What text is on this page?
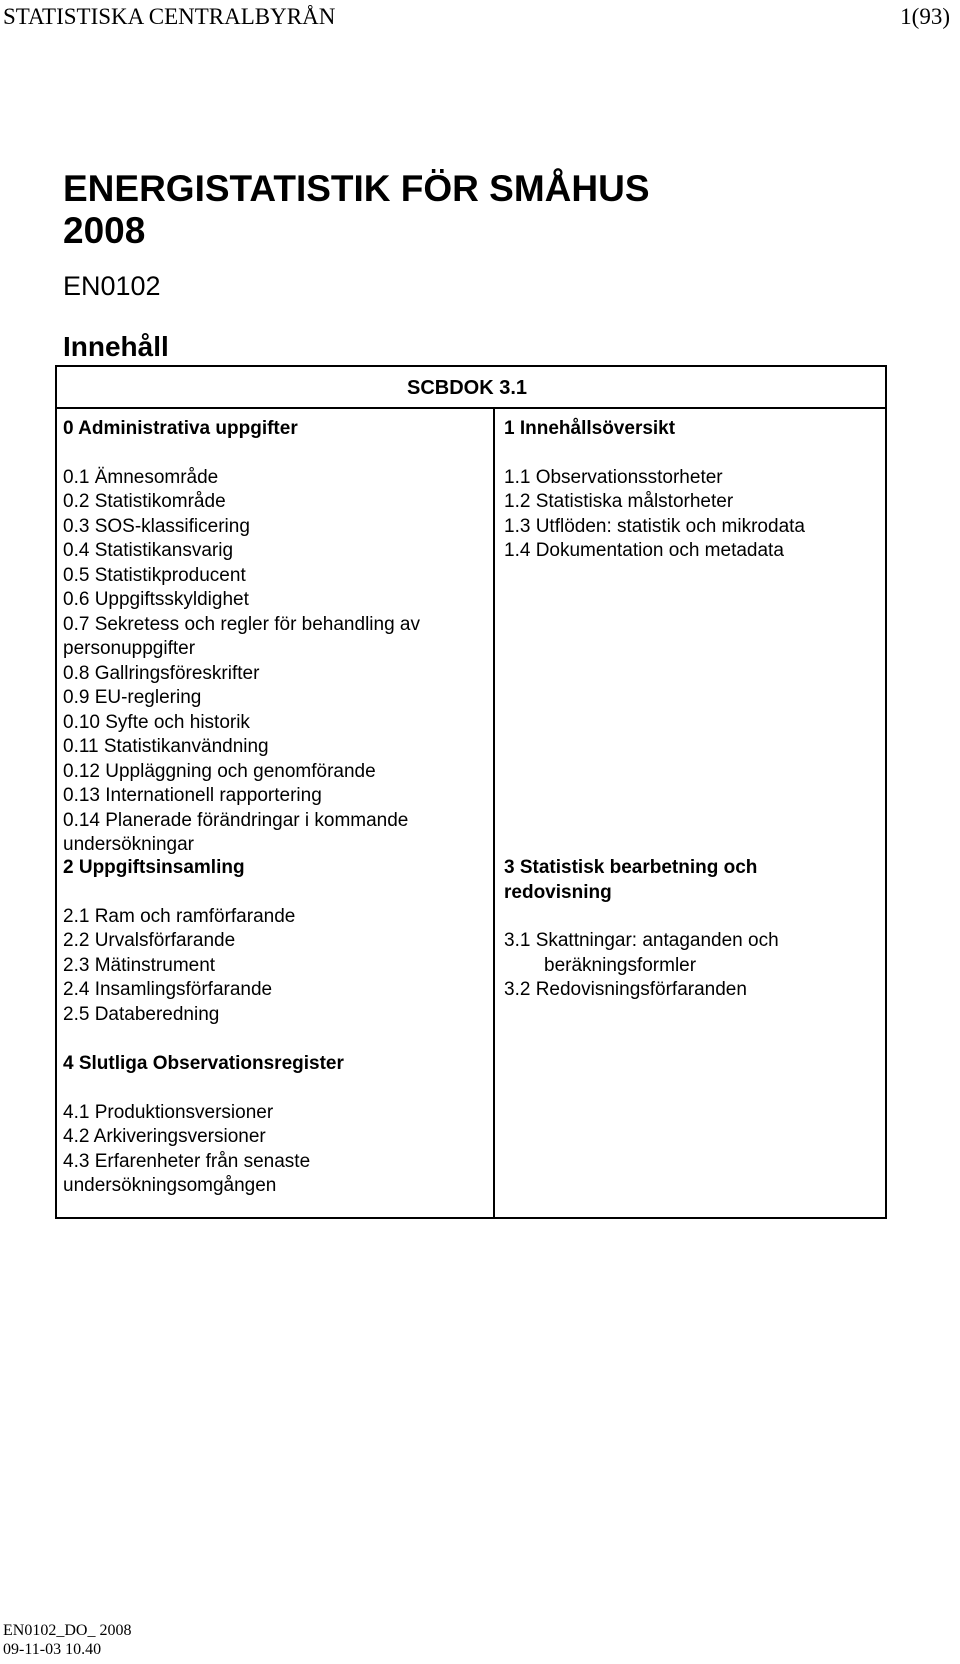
STATISTISKA CENTRALBYRÅN	1(93)
ENERGISTATISTIK FÖR SMÅHUS
2008
EN0102
Innehåll
SCBDOK 3.1
0 Administrativa uppgifter
0.1 Ämnesområde
0.2 Statistikområde
0.3 SOS-klassificering
0.4 Statistikansvarig
0.5 Statistikproducent
0.6 Uppgiftsskyldighet
0.7 Sekretess och regler för behandling av personuppgifter
0.8 Gallringsföreskrifter
0.9 EU-reglering
0.10 Syfte och historik
0.11 Statistikanvändning
0.12 Uppläggning och genomförande
0.13 Internationell rapportering
0.14 Planerade förändringar i kommande undersökningar
1 Innehållsöversikt
1.1 Observationsstorheter
1.2 Statistiska målstorheter
1.3 Utflöden: statistik och mikrodata
1.4 Dokumentation och metadata
2 Uppgiftsinsamling
2.1 Ram och ramförfarande
2.2 Urvalsförfarande
2.3 Mätinstrument
2.4 Insamlingsförfarande
2.5 Databeredning
3 Statistisk bearbetning och redovisning
3.1 Skattningar: antaganden och beräkningsformler
3.2 Redovisningsförfaranden
4 Slutliga Observationsregister
4.1 Produktionsversioner
4.2 Arkiveringsversioner
4.3 Erfarenheter från senaste undersökningsomgången
EN0102_DO_ 2008
09-11-03 10.40
